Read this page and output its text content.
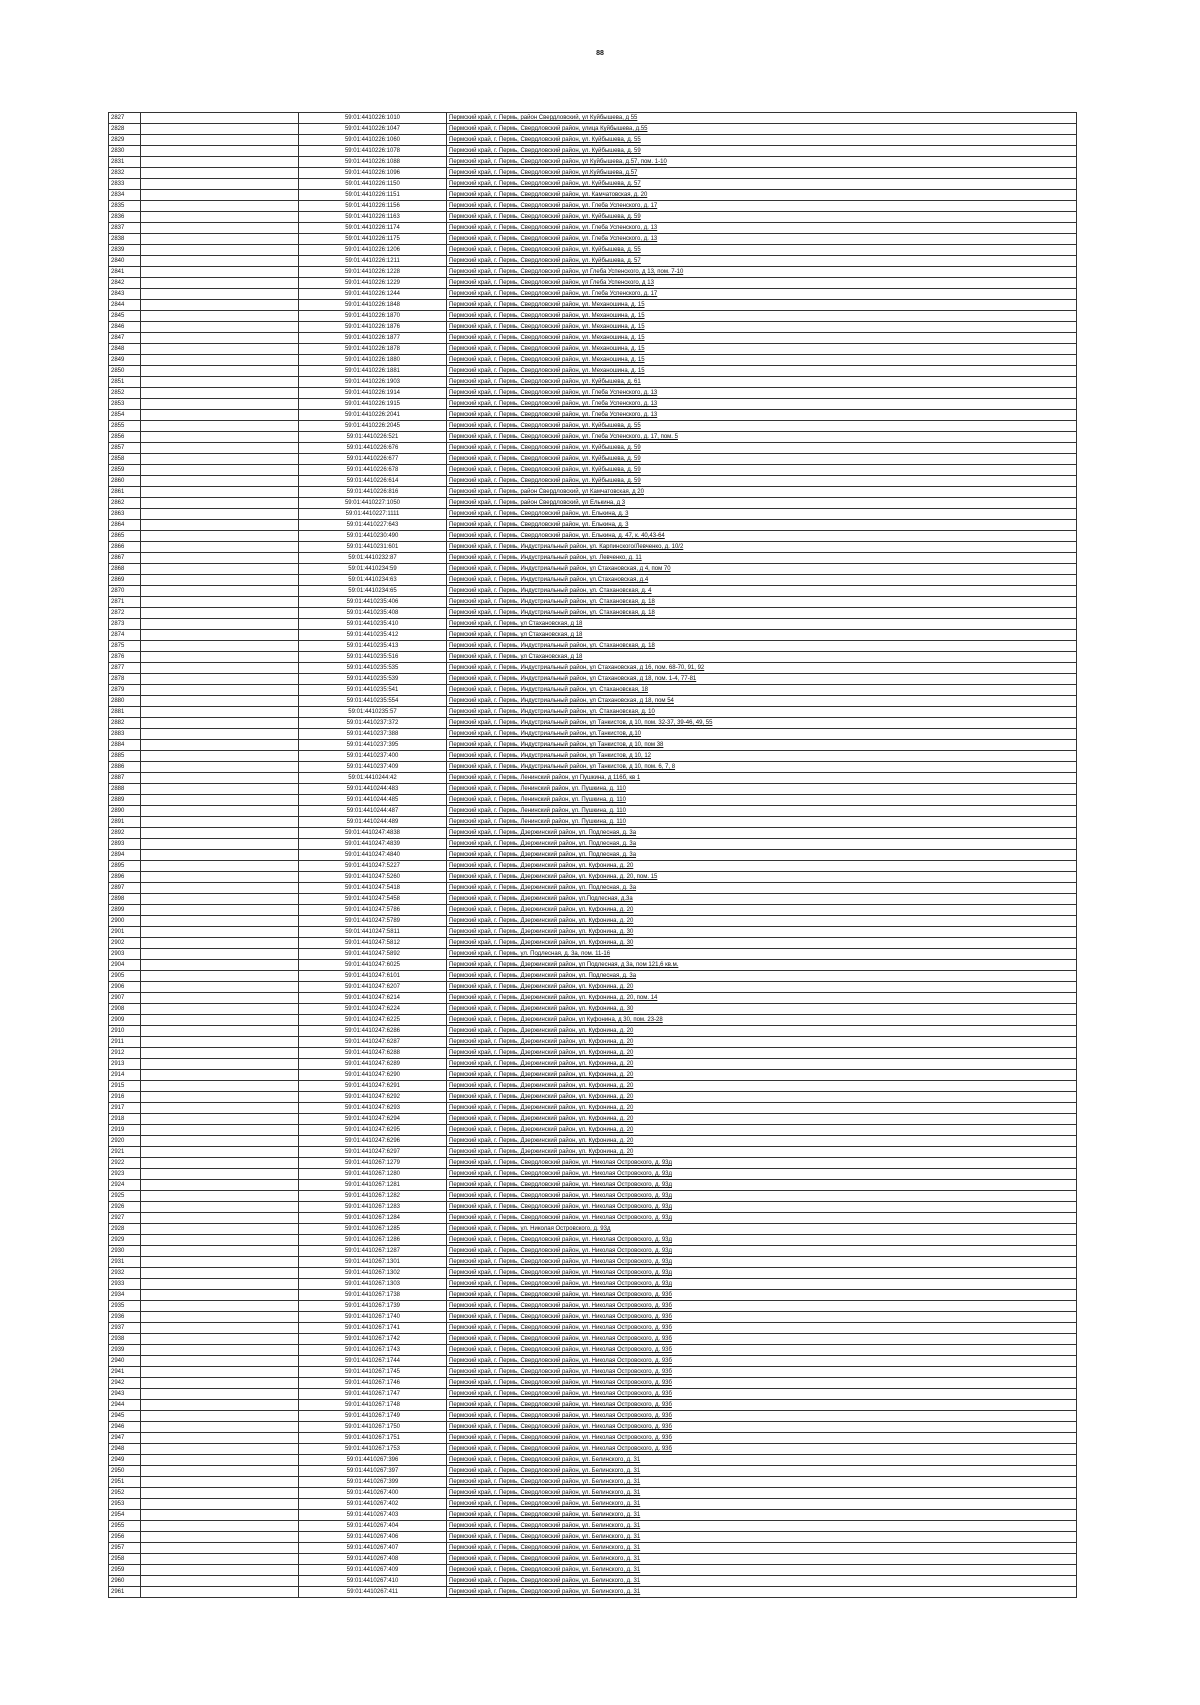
88
2827		59:01:4410226:1010	Пермский край, г. Пермь, район Свердловский, ул Куйбышева, д 55
2828		59:01:4410226:1047	Пермский край, г. Пермь, Свердловский район, улица Куйбышева, д.55
2829		59:01:4410226:1060	Пермский край, г. Пермь, Свердловский район, ул. Куйбышева, д. 55
2830		59:01:4410226:1078	Пермский край, г. Пермь, Свердловский район, ул. Куйбышева, д. 59
2831		59:01:4410226:1088	Пермский край, г. Пермь, Свердловский район, ул Куйбышева, д.57, пом. 1-10
2832		59:01:4410226:1096	Пермский край, г. Пермь, Свердловский район, ул.Куйбышева, д.57
2833		59:01:4410226:1150	Пермский край, г. Пермь, Свердловский район, ул. Куйбышева, д. 57
2834		59:01:4410226:1151	Пермский край, г. Пермь, Свердловский район, ул. Камчатовская, д. 20
2835		59:01:4410226:1156	Пермский край, г. Пермь, Свердловский район, ул. Глеба Успенского, д. 17
2836		59:01:4410226:1163	Пермский край, г. Пермь, Свердловский район, ул. Куйбышева, д. 59
2837		59:01:4410226:1174	Пермский край, г. Пермь, Свердловский район, ул. Глеба Успенского, д. 13
2838		59:01:4410226:1175	Пермский край, г. Пермь, Свердловский район, ул. Глеба Успенского, д. 13
2839		59:01:4410226:1206	Пермский край, г. Пермь, Свердловский район, ул. Куйбышева, д. 55
2840		59:01:4410226:1211	Пермский край, г. Пермь, Свердловский район, ул. Куйбышева, д. 57
2841		59:01:4410226:1228	Пермский край, г. Пермь, Свердловский район, ул Глеба Успенского, д 13, пом. 7-10
2842		59:01:4410226:1229	Пермский край, г. Пермь, Свердловский район, ул Глеба Успенского, д 13
2843		59:01:4410226:1244	Пермский край, г. Пермь, Свердловский район, ул. Глеба Успенского, д. 17
2844		59:01:4410226:1848	Пермский край, г. Пермь, Свердловский район, ул. Механошина, д. 15
2845		59:01:4410226:1870	Пермский край, г. Пермь, Свердловский район, ул. Механошина, д. 15
2846		59:01:4410226:1876	Пермский край, г. Пермь, Свердловский район, ул. Механошина, д. 15
2847		59:01:4410226:1877	Пермский край, г. Пермь, Свердловский район, ул. Механошина, д. 15
2848		59:01:4410226:1878	Пермский край, г. Пермь, Свердловский район, ул. Механошина, д. 15
2849		59:01:4410226:1880	Пермский край, г. Пермь, Свердловский район, ул. Механошина, д. 15
2850		59:01:4410226:1881	Пермский край, г. Пермь, Свердловский район, ул. Механошина, д. 15
2851		59:01:4410226:1903	Пермский край, г. Пермь, Свердловский район, ул. Куйбышева, д. 61
2852		59:01:4410226:1914	Пермский край, г. Пермь, Свердловский район, ул. Глеба Успенского, д. 13
2853		59:01:4410226:1915	Пермский край, г. Пермь, Свердловский район, ул. Глеба Успенского, д. 13
2854		59:01:4410226:2041	Пермский край, г. Пермь, Свердловский район, ул. Глеба Успенского, д. 13
2855		59:01:4410226:2045	Пермский край, г. Пермь, Свердловский район, ул. Куйбышева, д. 55
2856		59:01:4410226:521	Пермский край, г. Пермь, Свердловский район, ул. Глеба Успенского, д. 17, пом. 5
2857		59:01:4410226:676	Пермский край, г. Пермь, Свердловский район, ул. Куйбышева, д. 59
2858		59:01:4410226:677	Пермский край, г. Пермь, Свердловский район, ул. Куйбышева, д. 59
2859		59:01:4410226:678	Пермский край, г. Пермь, Свердловский район, ул. Куйбышева, д. 59
2860		59:01:4410226:614	Пермский край, г. Пермь, Свердловский район, ул. Куйбышева, д. 59
2861		59:01:4410226:816	Пермский край, г. Пермь, район Свердловский, ул Камчатовская, д 20
2862		59:01:4410227:1050	Пермский край, г. Пермь, район Свердловский, ул Елькина, д 3
2863		59:01:4410227:1111	Пермский край, г. Пермь, Свердловский район, ул. Елькина, д. 3
2864		59:01:4410227:643	Пермский край, г. Пермь, Свердловский район, ул. Елькина, д. 3
2865		59:01:4410230:490	Пермский край, г. Пермь, Свердловский район, ул. Елькина, д. 47, к. 40,43-64
2866		59:01:4410231:601	Пермский край, г. Пермь, Индустриальный район, ул. Карпинского/Левченко, д. 10/2
2867		59:01:4410232:87	Пермский край, г. Пермь, Индустриальный район, ул. Левченко, д. 11
2868		59:01:4410234:59	Пермский край, г. Пермь, Индустриальный район, ул Стахановская, д 4, пом 70
2869		59:01:4410234:63	Пермский край, г. Пермь, Индустриальный район, ул.Стахановская, д.4
2870		59:01:4410234:65	Пермский край, г. Пермь, Индустриальный район, ул. Стахановская, д. 4
2871		59:01:4410235:406	Пермский край, г. Пермь, Индустриальный район, ул. Стахановская, д. 18
2872		59:01:4410235:408	Пермский край, г. Пермь, Индустриальный район, ул. Стахановская, д. 18
2873		59:01:4410235:410	Пермский край, г. Пермь, ул Стахановская, д 18
2874		59:01:4410235:412	Пермский край, г. Пермь, ул Стахановская, д 18
2875		59:01:4410235:413	Пермский край, г. Пермь, Индустриальный район, ул. Стахановская, д. 18
2876		59:01:4410235:516	Пермский край, г. Пермь, ул Стахановская, д 18
2877		59:01:4410235:535	Пермский край, г. Пермь, Индустриальный район, ул Стахановская, д 16, пом. 68-70, 91, 92
2878		59:01:4410235:539	Пермский край, г. Пермь, Индустриальный район, ул Стахановская, д 18, пом. 1-4, 77-81
2879		59:01:4410235:541	Пермский край, г. Пермь, Индустриальный район, ул. Стахановская, 18
2880		59:01:4410235:554	Пермский край, г. Пермь, Индустриальный район, ул Стахановская, д 18, пом 54
2881		59:01:4410235:57	Пермский край, г. Пермь, Индустриальный район, ул. Стахановская, д. 10
2882		59:01:4410237:372	Пермский край, г. Пермь, Индустриальный район, ул Танкистов, д 10, пом. 32-37, 39-46, 49, 55
2883		59:01:4410237:388	Пермский край, г. Пермь, Индустриальный район, ул.Танкистов, д.10
2884		59:01:4410237:395	Пермский край, г. Пермь, Индустриальный район, ул Танкистов, д 10, пом 38
2885		59:01:4410237:400	Пермский край, г. Пермь, Индустриальный район, ул Танкистов, д 10, 12
2886		59:01:4410237:409	Пермский край, г. Пермь, Индустриальный район, ул Танкистов, д 10, пом. 6, 7, 8
2887		59:01:4410244:42	Пермский край, г. Пермь, Ленинский район, ул Пушкина, д 116б, кв 1
2888		59:01:4410244:483	Пермский край, г. Пермь, Ленинский район, ул. Пушкина, д. 110
2889		59:01:4410244:485	Пермский край, г. Пермь, Ленинский район, ул. Пушкина, д. 110
2890		59:01:4410244:487	Пермский край, г. Пермь, Ленинский район, ул. Пушкина, д. 110
2891		59:01:4410244:489	Пермский край, г. Пермь, Ленинский район, ул. Пушкина, д. 110
2892		59:01:4410247:4838	Пермский край, г. Пермь, Дзержинский район, ул. Подлесная, д. 3а
2893		59:01:4410247:4839	Пермский край, г. Пермь, Дзержинский район, ул. Подлесная, д. 3а
2894		59:01:4410247:4840	Пермский край, г. Пермь, Дзержинский район, ул. Подлесная, д. 3а
2895		59:01:4410247:5227	Пермский край, г. Пермь, Дзержинский район, ул. Куфонина, д. 20
2896		59:01:4410247:5260	Пермский край, г. Пермь, Дзержинский район, ул. Куфонина, д. 20, пом. 15
2897		59:01:4410247:5418	Пермский край, г. Пермь, Дзержинский район, ул. Подлесная, д. 3а
2898		59:01:4410247:5458	Пермский край, г. Пермь, Дзержинский район, ул.Подлесная, д.3а
2899		59:01:4410247:5786	Пермский край, г. Пермь, Дзержинский район, ул. Куфонина, д. 20
2900		59:01:4410247:5789	Пермский край, г. Пермь, Дзержинский район, ул. Куфонина, д. 20
2901		59:01:4410247:5811	Пермский край, г. Пермь, Дзержинский район, ул. Куфонина, д. 30
2902		59:01:4410247:5812	Пермский край, г. Пермь, Дзержинский район, ул. Куфонина, д. 30
2903		59:01:4410247:5892	Пермский край, г. Пермь, ул. Подлесная, д. 3а, пом. 11-16
2904		59:01:4410247:6025	Пермский край, г. Пермь, Дзержинский район, ул Подлесная, д 3а, пом 121,6 кв.м.
2905		59:01:4410247:6101	Пермский край, г. Пермь, Дзержинский район, ул. Подлесная, д. 3а
2906		59:01:4410247:6207	Пермский край, г. Пермь, Дзержинский район, ул. Куфонина, д. 20
2907		59:01:4410247:6214	Пермский край, г. Пермь, Дзержинский район, ул. Куфонина, д. 20, пом. 14
2908		59:01:4410247:6224	Пермский край, г. Пермь, Дзержинский район, ул. Куфонина, д. 30
2909		59:01:4410247:6225	Пермский край, г. Пермь, Дзержинский район, ул Куфонина, д 30, пом. 23-28
2910		59:01:4410247:6286	Пермский край, г. Пермь, Дзержинский район, ул. Куфонина, д. 20
2911		59:01:4410247:6287	Пермский край, г. Пермь, Дзержинский район, ул. Куфонина, д. 20
2912		59:01:4410247:6288	Пермский край, г. Пермь, Дзержинский район, ул. Куфонина, д. 20
2913		59:01:4410247:6289	Пермский край, г. Пермь, Дзержинский район, ул. Куфонина, д. 20
2914		59:01:4410247:6290	Пермский край, г. Пермь, Дзержинский район, ул. Куфонина, д. 20
2915		59:01:4410247:6291	Пермский край, г. Пермь, Дзержинский район, ул. Куфонина, д. 20
2916		59:01:4410247:6292	Пермский край, г. Пермь, Дзержинский район, ул. Куфонина, д. 20
2917		59:01:4410247:6293	Пермский край, г. Пермь, Дзержинский район, ул. Куфонина, д. 20
2918		59:01:4410247:6294	Пермский край, г. Пермь, Дзержинский район, ул. Куфонина, д. 20
2919		59:01:4410247:6295	Пермский край, г. Пермь, Дзержинский район, ул. Куфонина, д. 20
2920		59:01:4410247:6296	Пермский край, г. Пермь, Дзержинский район, ул. Куфонина, д. 20
2921		59:01:4410247:6297	Пермский край, г. Пермь, Дзержинский район, ул. Куфонина, д. 20
2922		59:01:4410267:1279	Пермский край, г. Пермь, Свердловский район, ул. Николая Островского, д. 93д
2923		59:01:4410267:1280	Пермский край, г. Пермь, Свердловский район, ул. Николая Островского, д. 93д
2924		59:01:4410267:1281	Пермский край, г. Пермь, Свердловский район, ул. Николая Островского, д. 93д
2925		59:01:4410267:1282	Пермский край, г. Пермь, Свердловский район, ул. Николая Островского, д. 93д
2926		59:01:4410267:1283	Пермский край, г. Пермь, Свердловский район, ул. Николая Островского, д. 93д
2927		59:01:4410267:1284	Пермский край, г. Пермь, Свердловский район, ул. Николая Островского, д. 93д
2928		59:01:4410267:1285	Пермский край, г. Пермь, ул. Николая Островского, д. 93д
2929		59:01:4410267:1286	Пермский край, г. Пермь, Свердловский район, ул. Николая Островского, д. 93д
2930		59:01:4410267:1287	Пермский край, г. Пермь, Свердловский район, ул. Николая Островского, д. 93д
2931		59:01:4410267:1301	Пермский край, г. Пермь, Свердловский район, ул. Николая Островского, д. 93д
2932		59:01:4410267:1302	Пермский край, г. Пермь, Свердловский район, ул. Николая Островского, д. 93д
2933		59:01:4410267:1303	Пермский край, г. Пермь, Свердловский район, ул. Николая Островского, д. 93д
2934		59:01:4410267:1738	Пермский край, г. Пермь, Свердловский район, ул. Николая Островского, д. 93б
2935		59:01:4410267:1739	Пермский край, г. Пермь, Свердловский район, ул. Николая Островского, д. 93б
2936		59:01:4410267:1740	Пермский край, г. Пермь, Свердловский район, ул. Николая Островского, д. 93б
2937		59:01:4410267:1741	Пермский край, г. Пермь, Свердловский район, ул. Николая Островского, д. 93б
2938		59:01:4410267:1742	Пермский край, г. Пермь, Свердловский район, ул. Николая Островского, д. 93б
2939		59:01:4410267:1743	Пермский край, г. Пермь, Свердловский район, ул. Николая Островского, д. 93б
2940		59:01:4410267:1744	Пермский край, г. Пермь, Свердловский район, ул. Николая Островского, д. 93б
2941		59:01:4410267:1745	Пермский край, г. Пермь, Свердловский район, ул. Николая Островского, д. 93б
2942		59:01:4410267:1746	Пермский край, г. Пермь, Свердловский район, ул. Николая Островского, д. 93б
2943		59:01:4410267:1747	Пермский край, г. Пермь, Свердловский район, ул. Николая Островского, д. 93б
2944		59:01:4410267:1748	Пермский край, г. Пермь, Свердловский район, ул. Николая Островского, д. 93б
2945		59:01:4410267:1749	Пермский край, г. Пермь, Свердловский район, ул. Николая Островского, д. 93б
2946		59:01:4410267:1750	Пермский край, г. Пермь, Свердловский район, ул. Николая Островского, д. 93б
2947		59:01:4410267:1751	Пермский край, г. Пермь, Свердловский район, ул. Николая Островского, д. 93б
2948		59:01:4410267:1753	Пермский край, г. Пермь, Свердловский район, ул. Николая Островского, д. 93б
2949		59:01:4410267:396	Пермский край, г. Пермь, Свердловский район, ул. Белинского, д. 31
2950		59:01:4410267:397	Пермский край, г. Пермь, Свердловский район, ул. Белинского, д. 31
2951		59:01:4410267:399	Пермский край, г. Пермь, Свердловский район, ул. Белинского, д. 31
2952		59:01:4410267:400	Пермский край, г. Пермь, Свердловский район, ул. Белинского, д. 31
2953		59:01:4410267:402	Пермский край, г. Пермь, Свердловский район, ул. Белинского, д. 31
2954		59:01:4410267:403	Пермский край, г. Пермь, Свердловский район, ул. Белинского, д. 31
2955		59:01:4410267:404	Пермский край, г. Пермь, Свердловский район, ул. Белинского, д. 31
2956		59:01:4410267:406	Пермский край, г. Пермь, Свердловский район, ул. Белинского, д. 31
2957		59:01:4410267:407	Пермский край, г. Пермь, Свердловский район, ул. Белинского, д. 31
2958		59:01:4410267:408	Пермский край, г. Пермь, Свердловский район, ул. Белинского, д. 31
2959		59:01:4410267:409	Пермский край, г. Пермь, Свердловский район, ул. Белинского, д. 31
2960		59:01:4410267:410	Пермский край, г. Пермь, Свердловский район, ул. Белинского, д. 31
2961		59:01:4410267:411	Пермский край, г. Пермь, Свердловский район, ул. Белинского, д. 31
